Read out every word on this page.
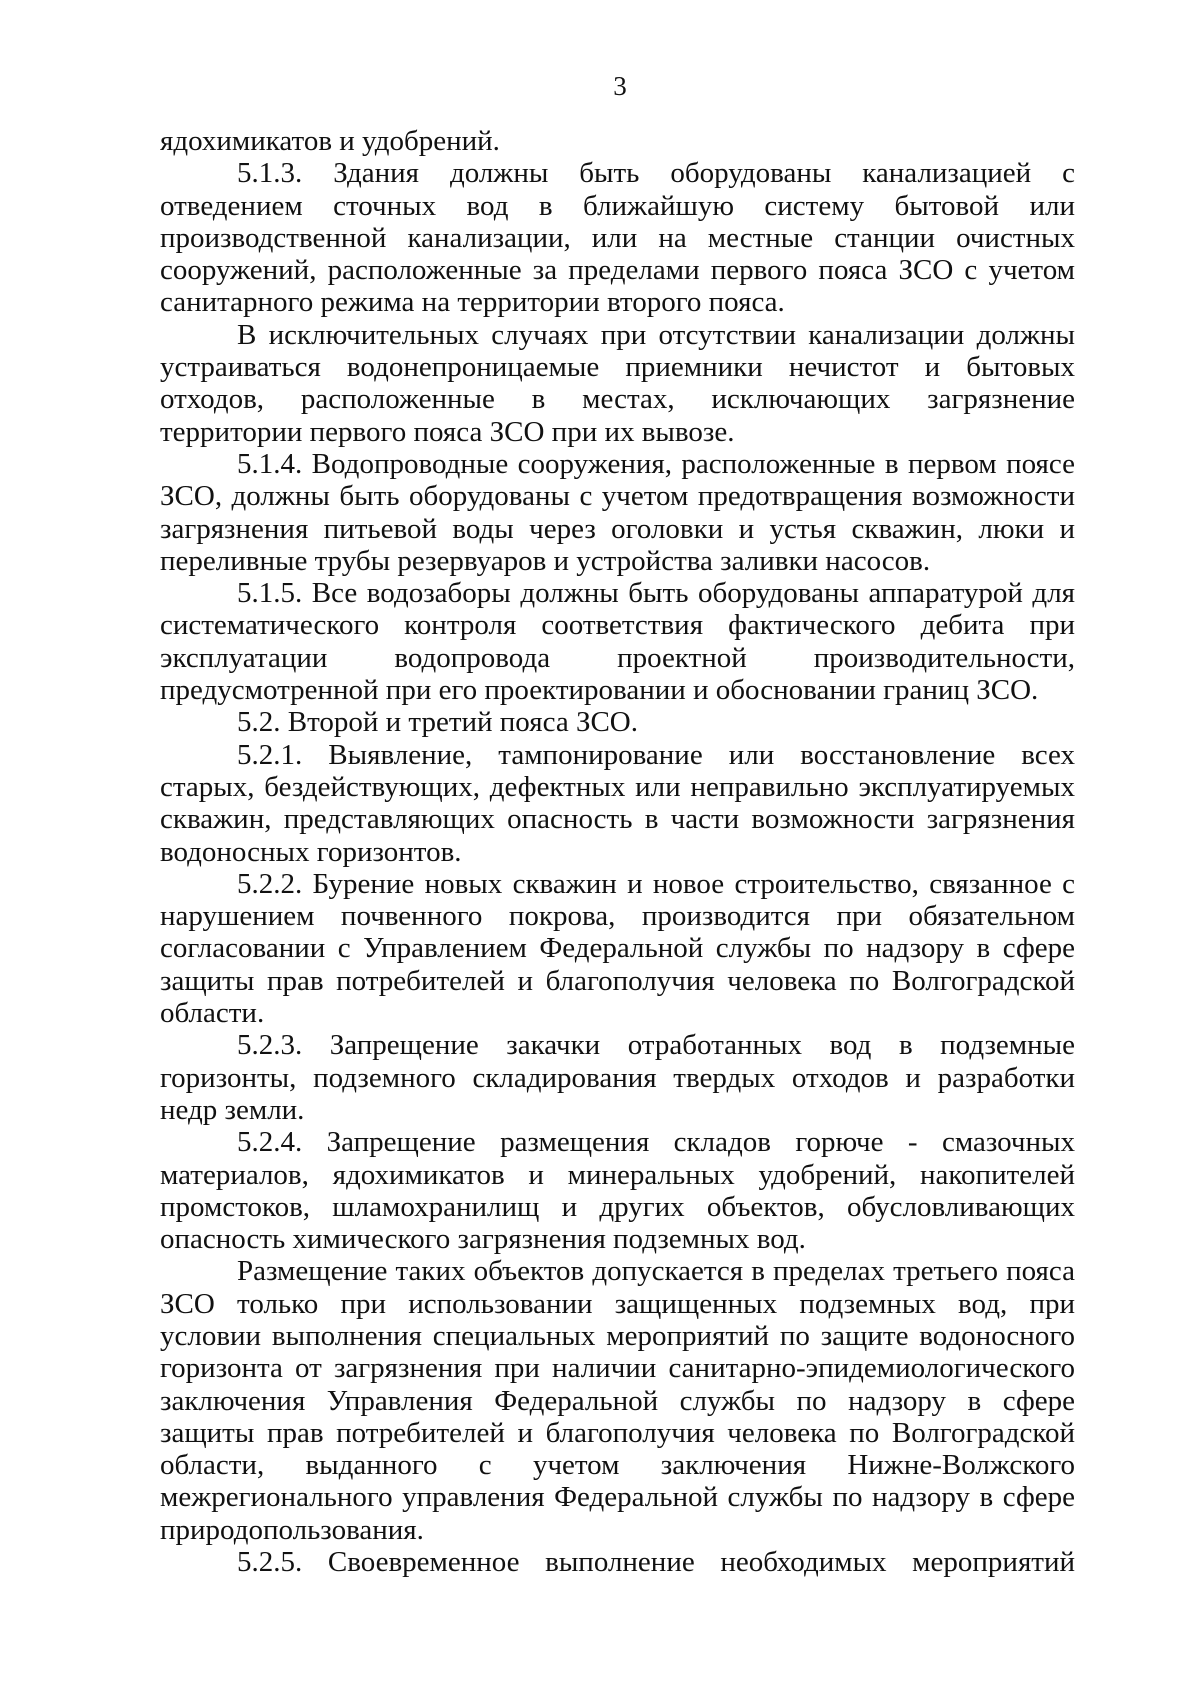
3

ядохимикатов и удобрений.

5.1.3. Здания должны быть оборудованы канализацией с отведением сточных вод в ближайшую систему бытовой или производственной канализации, или на местные станции очистных сооружений, расположенные за пределами первого пояса ЗСО с учетом санитарного режима на территории второго пояса.

В исключительных случаях при отсутствии канализации должны устраиваться водонепроницаемые приемники нечистот и бытовых отходов, расположенные в местах, исключающих загрязнение территории первого пояса ЗСО при их вывозе.

5.1.4. Водопроводные сооружения, расположенные в первом поясе ЗСО, должны быть оборудованы с учетом предотвращения возможности загрязнения питьевой воды через оголовки и устья скважин, люки и переливные трубы резервуаров и устройства заливки насосов.

5.1.5. Все водозаборы должны быть оборудованы аппаратурой для систематического контроля соответствия фактического дебита при эксплуатации водопровода проектной производительности, предусмотренной при его проектировании и обосновании границ ЗСО.

5.2. Второй и третий пояса ЗСО.

5.2.1. Выявление, тампонирование или восстановление всех старых, бездействующих, дефектных или неправильно эксплуатируемых скважин, представляющих опасность в части возможности загрязнения водоносных горизонтов.

5.2.2. Бурение новых скважин и новое строительство, связанное с нарушением почвенного покрова, производится при обязательном согласовании с Управлением Федеральной службы по надзору в сфере защиты прав потребителей и благополучия человека по Волгоградской области.

5.2.3. Запрещение закачки отработанных вод в подземные горизонты, подземного складирования твердых отходов и разработки недр земли.

5.2.4. Запрещение размещения складов горюче - смазочных материалов, ядохимикатов и минеральных удобрений, накопителей промстоков, шламохранилищ и других объектов, обусловливающих опасность химического загрязнения подземных вод.

Размещение таких объектов допускается в пределах третьего пояса ЗСО только при использовании защищенных подземных вод, при условии выполнения специальных мероприятий по защите водоносного горизонта от загрязнения при наличии санитарно-эпидемиологического заключения Управления Федеральной службы по надзору в сфере защиты прав потребителей и благополучия человека по Волгоградской области, выданного с учетом заключения Нижне-Волжского межрегионального управления Федеральной службы по надзору в сфере природопользования.

5.2.5. Своевременное выполнение необходимых мероприятий
